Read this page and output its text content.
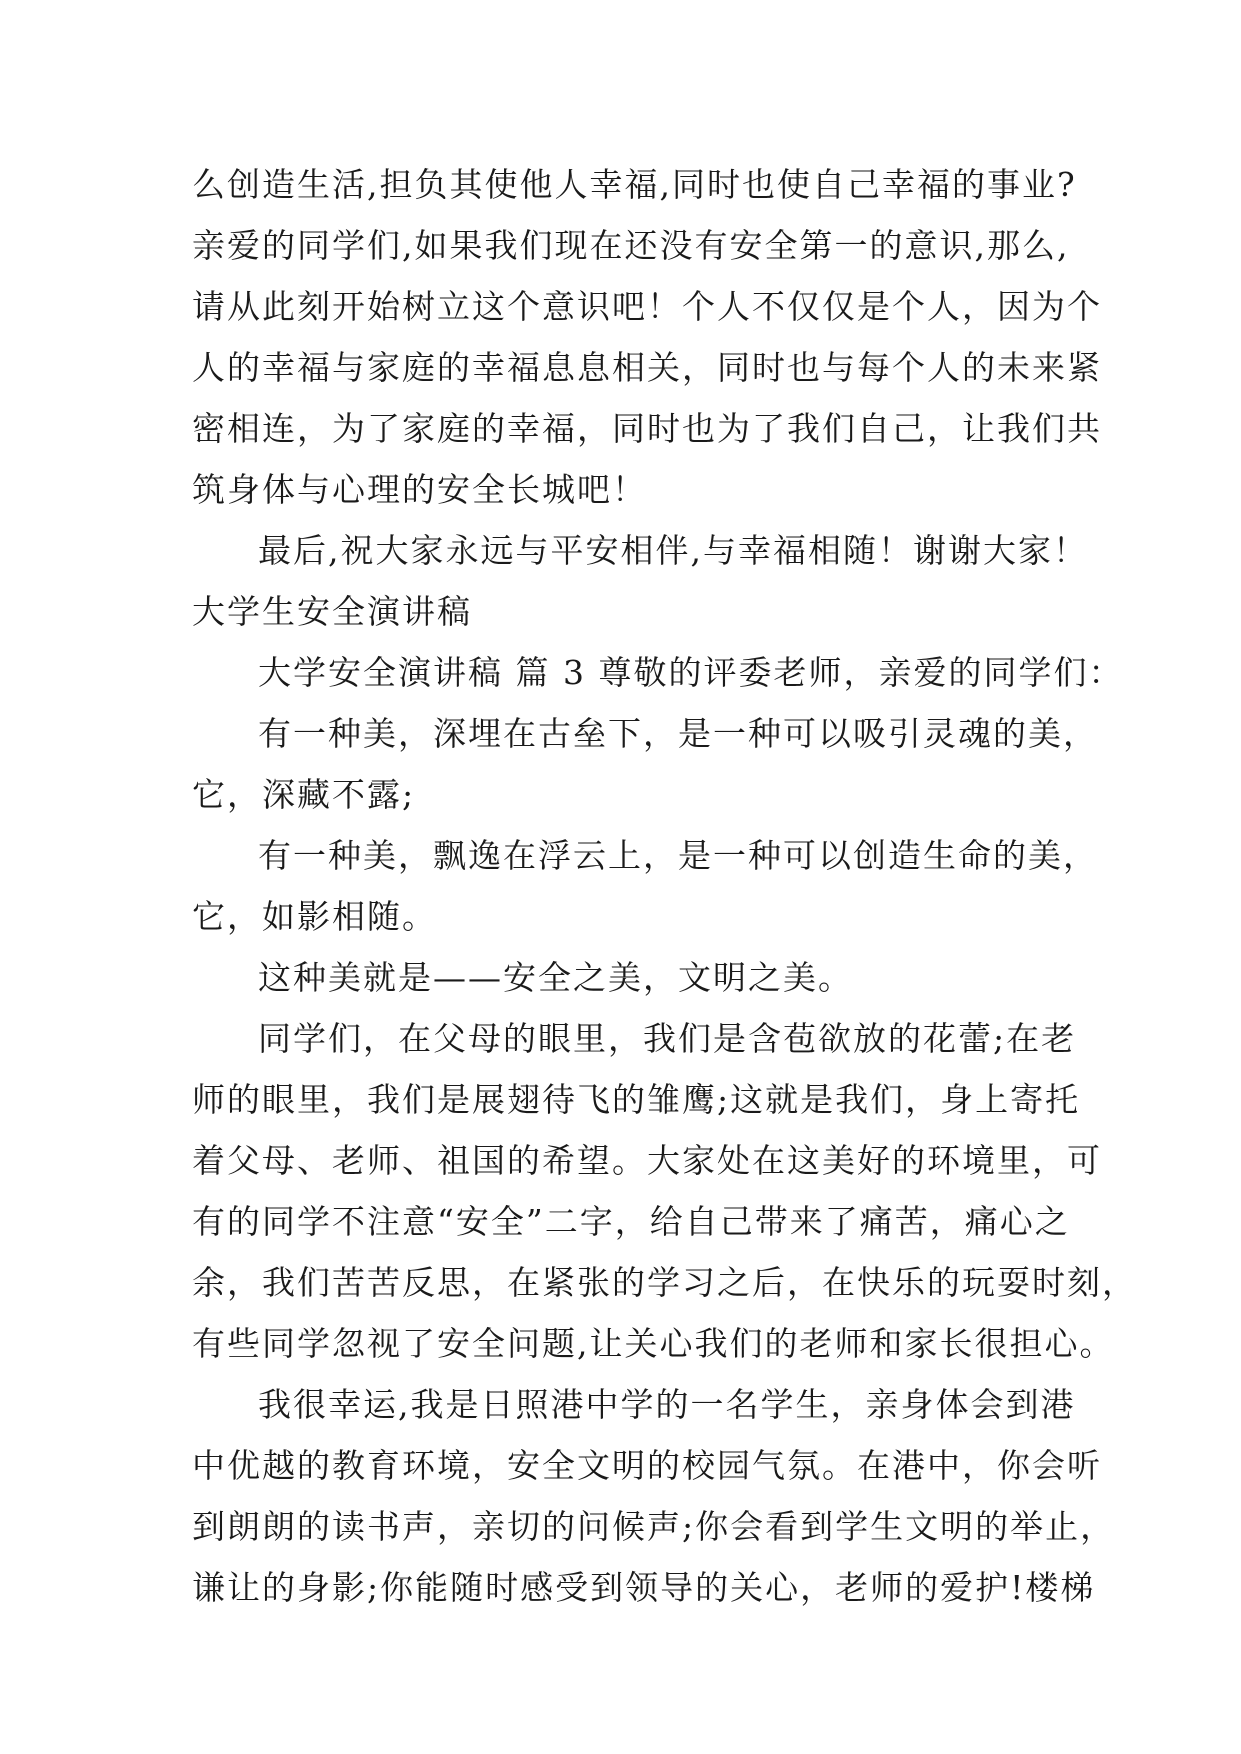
么创造生活,担负其使他人幸福,同时也使自己幸福的事业?
亲爱的同学们,如果我们现在还没有安全第一的意识,那么,
请从此刻开始树立这个意识吧！个人不仅仅是个人，因为个
人的幸福与家庭的幸福息息相关，同时也与每个人的未来紧
密相连，为了家庭的幸福，同时也为了我们自己，让我们共
筑身体与心理的安全长城吧！
最后,祝大家永远与平安相伴,与幸福相随！谢谢大家！
大学生安全演讲稿
大学安全演讲稿 篇 3 尊敬的评委老师，亲爱的同学们：
有一种美，深埋在古垒下，是一种可以吸引灵魂的美，
它，深藏不露;
有一种美，飘逸在浮云上，是一种可以创造生命的美，
它，如影相随。
这种美就是——安全之美，文明之美。
同学们，在父母的眼里，我们是含苞欲放的花蕾;在老
师的眼里，我们是展翅待飞的雏鹰;这就是我们，身上寄托
着父母、老师、祖国的希望。大家处在这美好的环境里，可
有的同学不注意“安全”二字，给自己带来了痛苦，痛心之
余，我们苦苦反思，在紧张的学习之后，在快乐的玩耍时刻，
有些同学忽视了安全问题,让关心我们的老师和家长很担心。
我很幸运,我是日照港中学的一名学生，亲身体会到港
中优越的教育环境，安全文明的校园气氛。在港中，你会听
到朗朗的读书声，亲切的问候声;你会看到学生文明的举止，
谦让的身影;你能随时感受到领导的关心，老师的爱护!楼梯
